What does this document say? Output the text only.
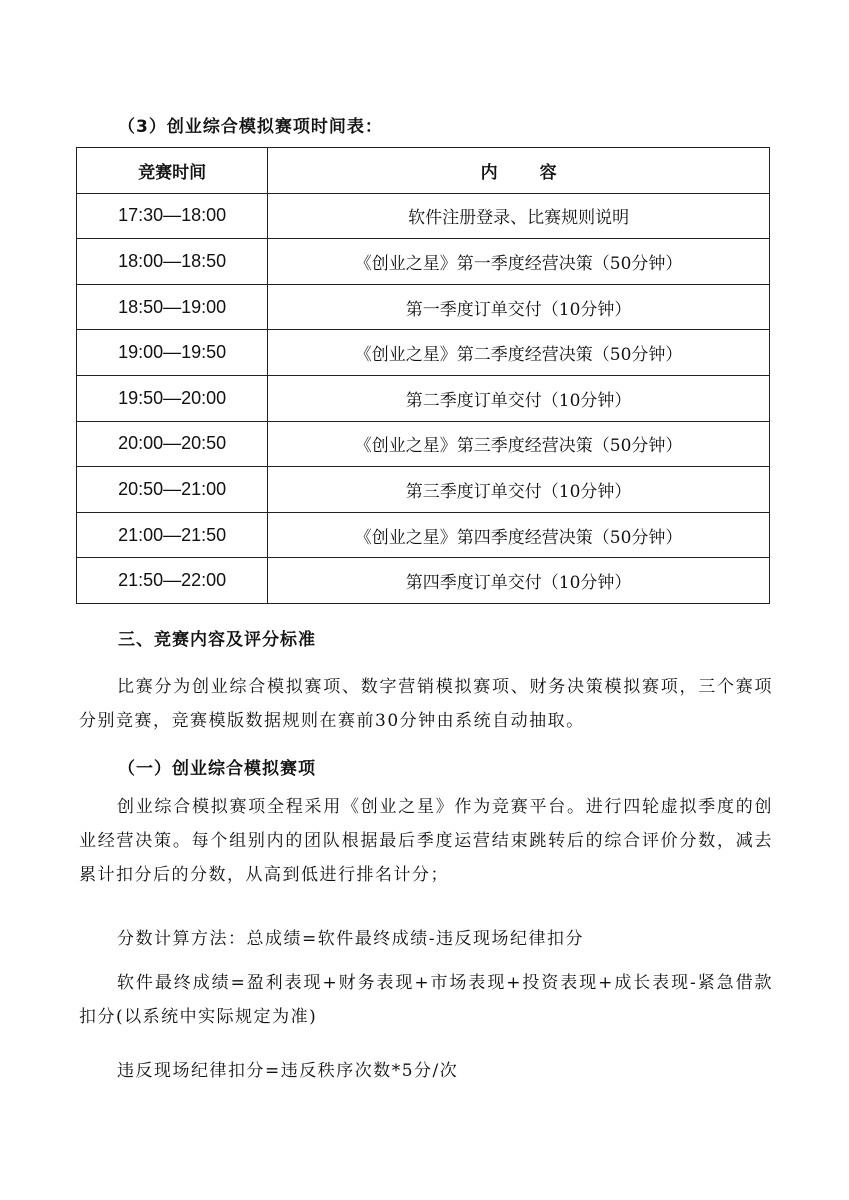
（3）创业综合模拟赛项时间表：
竞赛时间	内 容
17:30—18:00	软件注册登录、比赛规则说明
18:00—18:50	《创业之星》第一季度经营决策（50分钟）
18:50—19:00	第一季度订单交付（10分钟）
19:00—19:50	《创业之星》第二季度经营决策（50分钟）
19:50—20:00	第二季度订单交付（10分钟）
20:00—20:50	《创业之星》第三季度经营决策（50分钟）
20:50—21:00	第三季度订单交付（10分钟）
21:00—21:50	《创业之星》第四季度经营决策（50分钟）
21:50—22:00	第四季度订单交付（10分钟）
三、竞赛内容及评分标准
比赛分为创业综合模拟赛项、数字营销模拟赛项、财务决策模拟赛项，三个赛项分别竞赛，竞赛模版数据规则在赛前30分钟由系统自动抽取。
（一）创业综合模拟赛项
创业综合模拟赛项全程采用《创业之星》作为竞赛平台。进行四轮虚拟季度的创业经营决策。每个组别内的团队根据最后季度运营结束跳转后的综合评价分数，减去累计扣分后的分数，从高到低进行排名计分；
分数计算方法：总成绩=软件最终成绩-违反现场纪律扣分
软件最终成绩=盈利表现+财务表现+市场表现+投资表现+成长表现-紧急借款扣分(以系统中实际规定为准)
违反现场纪律扣分=违反秩序次数*5分/次
